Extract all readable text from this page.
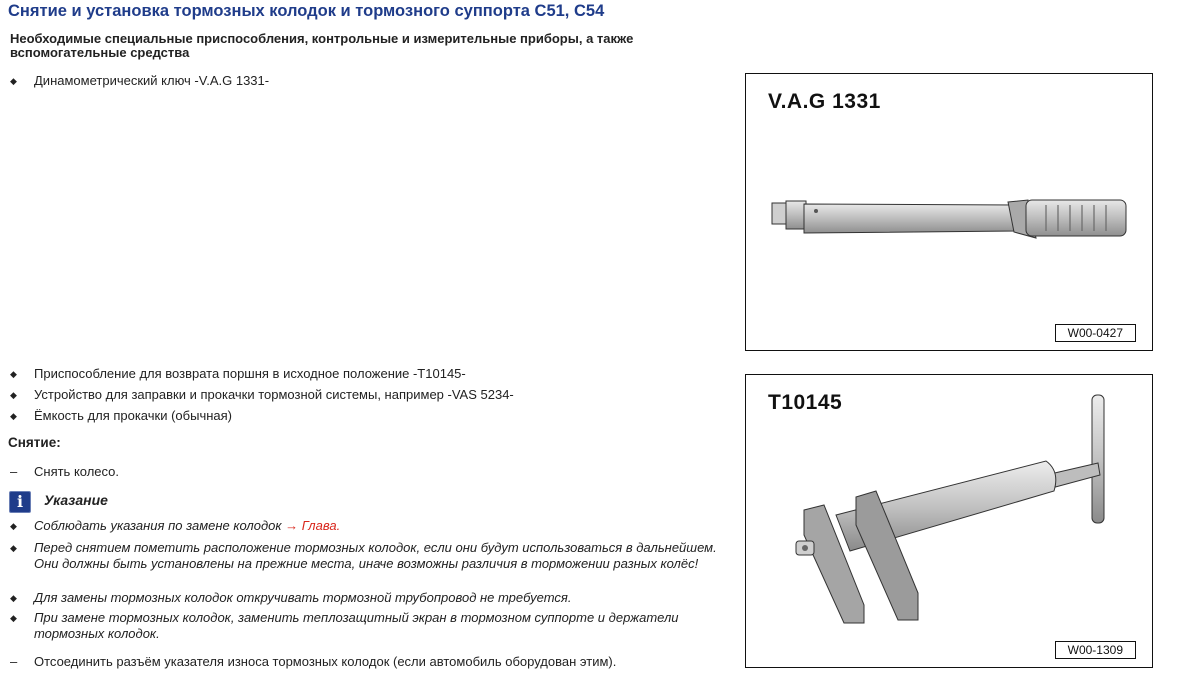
Снятие и установка тормозных колодок и тормозного суппорта С51, С54
Необходимые специальные приспособления, контрольные и измерительные приборы, а также вспомогательные средства
◆ Динамометрический ключ -V.A.G 1331-
◆ Приспособление для возврата поршня в исходное положение -T10145-
◆ Устройство для заправки и прокачки тормозной системы, например -VAS 5234-
◆ Ёмкость для прокачки (обычная)
Снятие:
– Снять колесо.
i	Указание
◆ Соблюдать указания по замене колодок → Глава.
◆ Перед снятием пометить расположение тормозных колодок, если они будут использоваться в дальнейшем. Они должны быть установлены на прежние места, иначе возможны различия в торможении разных колёс!
◆ Для замены тормозных колодок откручивать тормозной трубопровод не требуется.
◆ При замене тормозных колодок, заменить теплозащитный экран в тормозном суппорте и держатели тормозных колодок.
– Отсоединить разъём указателя износа тормозных колодок (если автомобиль оборудован этим).
V.A.G 1331
W00-0427
T10145
W00-1309
